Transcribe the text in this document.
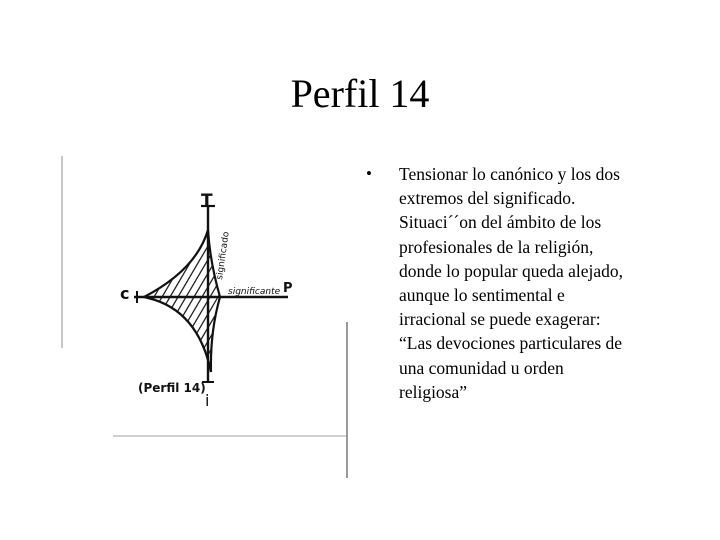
Perfil 14
T
i
c	P
significado
significante
(Perfil 14)
•	Tensionar lo canónico y los dos
extremos del significado.
Situaci´´on del ámbito de los
profesionales de la religión,
donde lo popular queda alejado,
aunque lo sentimental e
irracional se puede exagerar:
“Las devociones particulares de
una comunidad u orden
religiosa”
